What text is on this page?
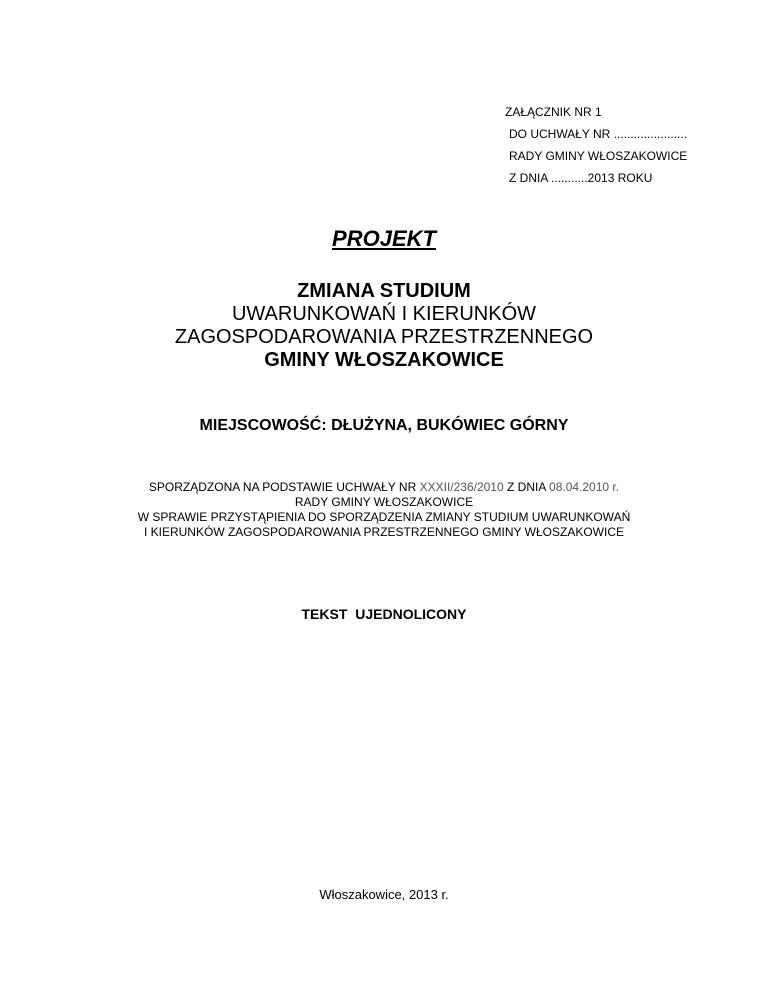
ZAŁĄCZNIK NR 1
DO UCHWAŁY NR ......................
RADY GMINY WŁOSZAKOWICE
Z DNIA ...........2013 ROKU
PROJEKT
ZMIANA STUDIUM
UWARUNKOWAŃ I KIERUNKÓW
ZAGOSPODAROWANIA PRZESTRZENNEGO
GMINY WŁOSZAKOWICE
MIEJSCOWOŚĆ: DŁUŻYNA, BUKÓWIEC GÓRNY
SPORZĄDZONA NA PODSTAWIE UCHWAŁY NR XXXII/236/2010 Z DNIA 08.04.2010 r.
RADY GMINY WŁOSZAKOWICE
W SPRAWIE PRZYSTĄPIENIA DO SPORZĄDZENIA ZMIANY STUDIUM UWARUNKOWAŃ
I KIERUNKÓW ZAGOSPODAROWANIA PRZESTRZENNEGO GMINY WŁOSZAKOWICE
TEKST UJEDNOLICONY
Włoszakowice, 2013 r.
